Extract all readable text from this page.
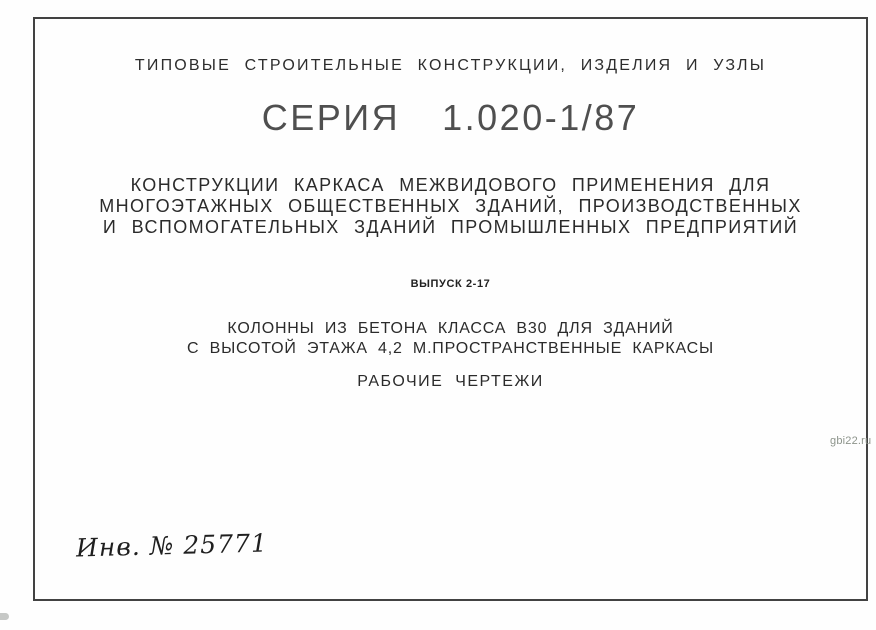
ТИПОВЫЕ СТРОИТЕЛЬНЫЕ КОНСТРУКЦИИ, ИЗДЕЛИЯ И УЗЛЫ
СЕРИЯ 1.020-1/87
КОНСТРУКЦИИ КАРКАСА МЕЖВИДОВОГО ПРИМЕНЕНИЯ ДЛЯ
МНОГОЭТАЖНЫХ ОБЩЕСТВЕ̇ННЫХ ЗДАНИЙ, ПРОИЗВОДСТВЕННЫХ
И ВСПОМОГАТЕЛЬНЫХ ЗДАНИЙ ПРОМЫШЛЕННЫХ ПРЕДПРИЯТИЙ
ВЫПУСК 2-17
КОЛОННЫ ИЗ БЕТОНА КЛАССА В30 ДЛЯ ЗДАНИЙ
С ВЫСОТОЙ ЭТАЖА 4,2 М.ПРОСТРАНСТВЕННЫЕ КАРКАСЫ
РАБОЧИЕ ЧЕРТЕЖИ
gbi22.ru
Инв. № 25771
